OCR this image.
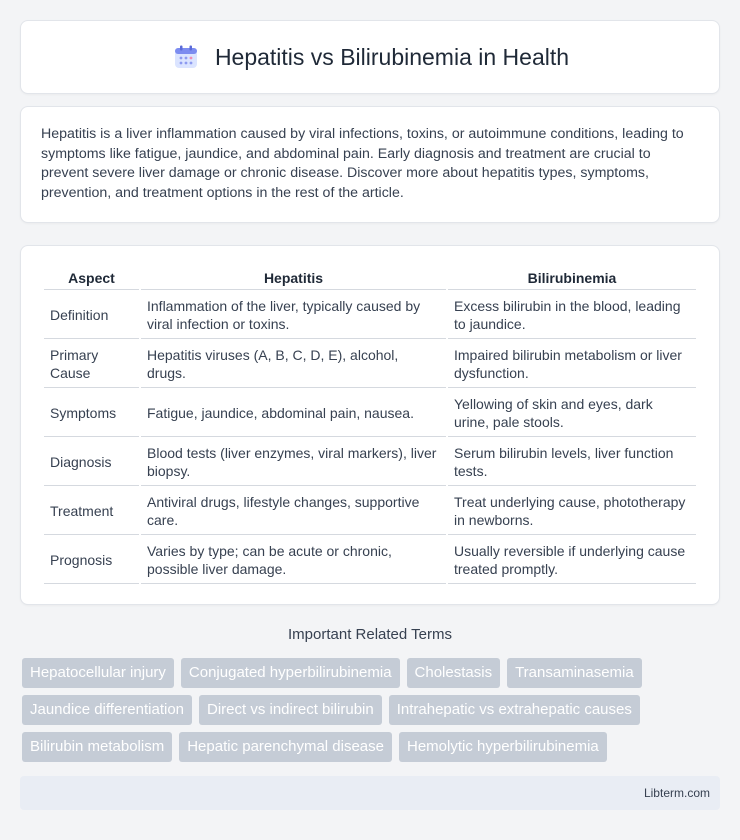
Hepatitis vs Bilirubinemia in Health

Hepatitis is a liver inflammation caused by viral infections, toxins, or autoimmune conditions, leading to symptoms like fatigue, jaundice, and abdominal pain. Early diagnosis and treatment are crucial to prevent severe liver damage or chronic disease. Discover more about hepatitis types, symptoms, prevention, and treatment options in the rest of the article.

Aspect	Hepatitis	Bilirubinemia
Definition	Inflammation of the liver, typically caused by viral infection or toxins.	Excess bilirubin in the blood, leading to jaundice.
Primary Cause	Hepatitis viruses (A, B, C, D, E), alcohol, drugs.	Impaired bilirubin metabolism or liver dysfunction.
Symptoms	Fatigue, jaundice, abdominal pain, nausea.	Yellowing of skin and eyes, dark urine, pale stools.
Diagnosis	Blood tests (liver enzymes, viral markers), liver biopsy.	Serum bilirubin levels, liver function tests.
Treatment	Antiviral drugs, lifestyle changes, supportive care.	Treat underlying cause, phototherapy in newborns.
Prognosis	Varies by type; can be acute or chronic, possible liver damage.	Usually reversible if underlying cause treated promptly.
Important Related Terms
Hepatocellular injury	Conjugated hyperbilirubinemia	Cholestasis	Transaminasemia
Jaundice differentiation	Direct vs indirect bilirubin	Intrahepatic vs extrahepatic causes
Bilirubin metabolism	Hepatic parenchymal disease	Hemolytic hyperbilirubinemia
Libterm.com
